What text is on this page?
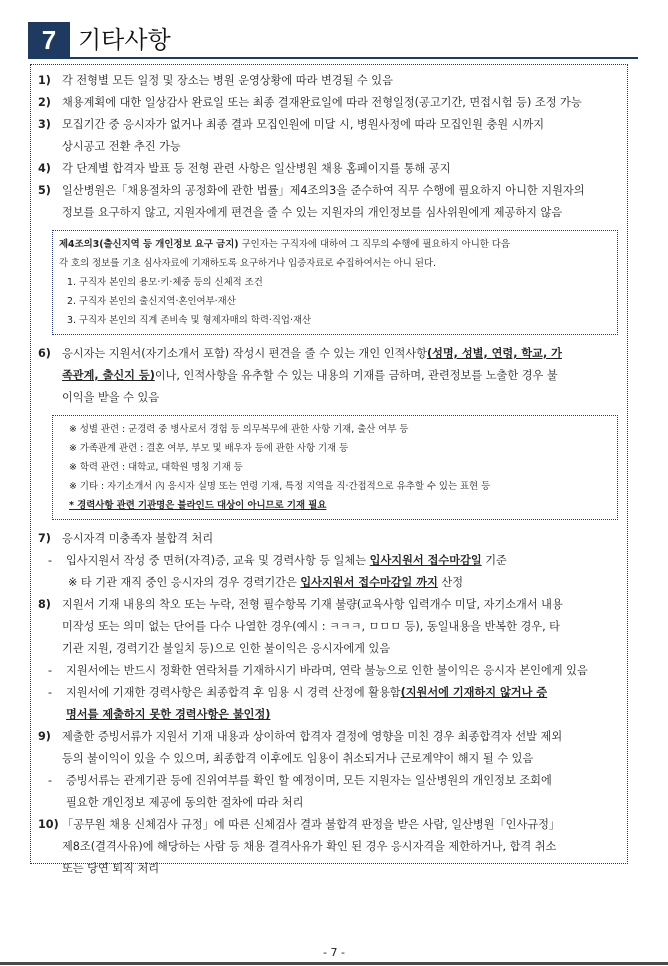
7 기타사항
1) 각 전형별 모든 일정 및 장소는 병원 운영상황에 따라 변경될 수 있음
2) 채용계획에 대한 일상감사 완료일 또는 최종 결재완료일에 따라 전형일정(공고기간, 면접시험 등) 조정 가능
3) 모집기간 중 응시자가 없거나 최종 결과 모집인원에 미달 시, 병원사정에 따라 모집인원 충원 시까지
상시공고 전환 추진 가능
4) 각 단계별 합격자 발표 등 전형 관련 사항은 일산병원 채용 홈페이지를 통해 공지
5) 일산병원은「채용절차의 공정화에 관한 법률」제4조의3을 준수하여 직무 수행에 필요하지 아니한 지원자의
정보를 요구하지 않고, 지원자에게 편견을 줄 수 있는 지원자의 개인정보를 심사위원에게 제공하지 않음
제4조의3(출신지역 등 개인정보 요구 금지) 구인자는 구직자에 대하여 그 직무의 수행에 필요하지 아니한 다음
각 호의 정보를 기초 심사자료에 기재하도록 요구하거나 입증자료로 수집하여서는 아니 된다.
1. 구직자 본인의 용모·키·체중 등의 신체적 조건
2. 구직자 본인의 출신지역·혼인여부·재산
3. 구직자 본인의 직계 존비속 및 형제자매의 학력·직업·재산
6) 응시자는 지원서(자기소개서 포함) 작성시 편견을 줄 수 있는 개인 인적사항(성명, 성별, 연령, 학교, 가
족관계, 출신지 등)이나, 인적사항을 유추할 수 있는 내용의 기재를 금하며, 관련정보를 노출한 경우 불
이익을 받을 수 있음
※ 성별 관련 : 군경력 중 병사로서 경험 등 의무복무에 관한 사항 기재, 출산 여부 등
※ 가족관계 관련 : 결혼 여부, 부모 및 배우자 등에 관한 사항 기재 등
※ 학력 관련 : 대학교, 대학원 명칭 기재 등
※ 기타 : 자기소개서 內 응시자 실명 또는 연령 기재, 특정 지역을 직·간접적으로 유추할 수 있는 표현 등
* 경력사항 관련 기관명은 블라인드 대상이 아니므로 기재 필요
7) 응시자격 미충족자 불합격 처리
- 입사지원서 작성 중 면허(자격)증, 교육 및 경력사항 등 일체는 입사지원서 접수마감일 기준
※ 타 기관 재직 중인 응시자의 경우 경력기간은 입사지원서 접수마감일 까지 산정
8) 지원서 기재 내용의 착오 또는 누락, 전형 필수항목 기재 불량(교육사항 입력개수 미달, 자기소개서 내용
미작성 또는 의미 없는 단어를 다수 나열한 경우(예시 : ㅋㅋㅋ, ㅁㅁㅁ 등), 동일내용을 반복한 경우, 타
기관 지원, 경력기간 불일치 등)으로 인한 불이익은 응시자에게 있음
- 지원서에는 반드시 정확한 연락처를 기재하시기 바라며, 연락 불능으로 인한 불이익은 응시자 본인에게 있음
- 지원서에 기재한 경력사항은 최종합격 후 임용 시 경력 산정에 활용함(지원서에 기재하지 않거나 증
명서를 제출하지 못한 경력사항은 불인정)
9) 제출한 증빙서류가 지원서 기재 내용과 상이하여 합격자 결정에 영향을 미친 경우 최종합격자 선발 제외
등의 불이익이 있을 수 있으며, 최종합격 이후에도 임용이 취소되거나 근로계약이 해지 될 수 있음
- 증빙서류는 관계기관 등에 진위여부를 확인 할 예정이며, 모든 지원자는 일산병원의 개인정보 조회에
필요한 개인정보 제공에 동의한 절차에 따라 처리
10) 「공무원 채용 신체검사 규정」에 따른 신체검사 결과 불합격 판정을 받은 사람, 일산병원「인사규정」
제8조(결격사유)에 해당하는 사람 등 채용 결격사유가 확인 된 경우 응시자격을 제한하거나, 합격 취소
또는 당연 퇴직 처리
- 7 -
